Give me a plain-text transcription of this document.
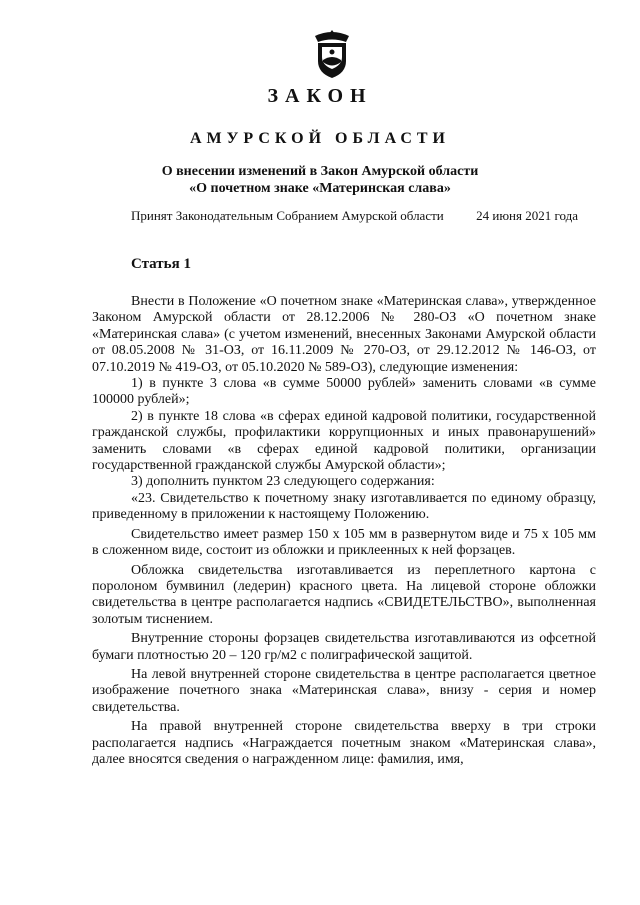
ЗАКОН
АМУРСКОЙ ОБЛАСТИ
О внесении изменений в Закон Амурской области
«О почетном знаке «Материнская слава»
Принят Законодательным Собранием Амурской области 24 июня 2021 года
Статья 1

Внести в Положение «О почетном знаке «Материнская слава», утвержденное Законом Амурской области от 28.12.2006 № 280-ОЗ «О почетном знаке «Материнская слава» (с учетом изменений, внесенных Законами Амурской области от 08.05.2008 № 31-ОЗ, от 16.11.2009 № 270-ОЗ, от 29.12.2012 № 146-ОЗ, от 07.10.2019 № 419-ОЗ, от 05.10.2020 № 589-ОЗ), следующие изменения:

1) в пункте 3 слова «в сумме 50000 рублей» заменить словами «в сумме 100000 рублей»;

2) в пункте 18 слова «в сферах единой кадровой политики, государственной гражданской службы, профилактики коррупционных и иных правонарушений» заменить словами «в сферах единой кадровой политики, организации государственной гражданской службы Амурской области»;

3) дополнить пунктом 23 следующего содержания:

«23. Свидетельство к почетному знаку изготавливается по единому образцу, приведенному в приложении к настоящему Положению.

Свидетельство имеет размер 150 х 105 мм в развернутом виде и 75 х 105 мм в сложенном виде, состоит из обложки и приклеенных к ней форзацев.

Обложка свидетельства изготавливается из переплетного картона с поролоном бумвинил (ледерин) красного цвета. На лицевой стороне обложки свидетельства в центре располагается надпись «СВИДЕТЕЛЬСТВО», выполненная золотым тиснением.

Внутренние стороны форзацев свидетельства изготавливаются из офсетной бумаги плотностью 20 – 120 гр/м2 с полиграфической защитой.

На левой внутренней стороне свидетельства в центре располагается цветное изображение почетного знака «Материнская слава», внизу - серия и номер свидетельства.

На правой внутренней стороне свидетельства вверху в три строки располагается надпись «Награждается почетным знаком «Материнская слава», далее вносятся сведения о награжденном лице: фамилия, имя,
